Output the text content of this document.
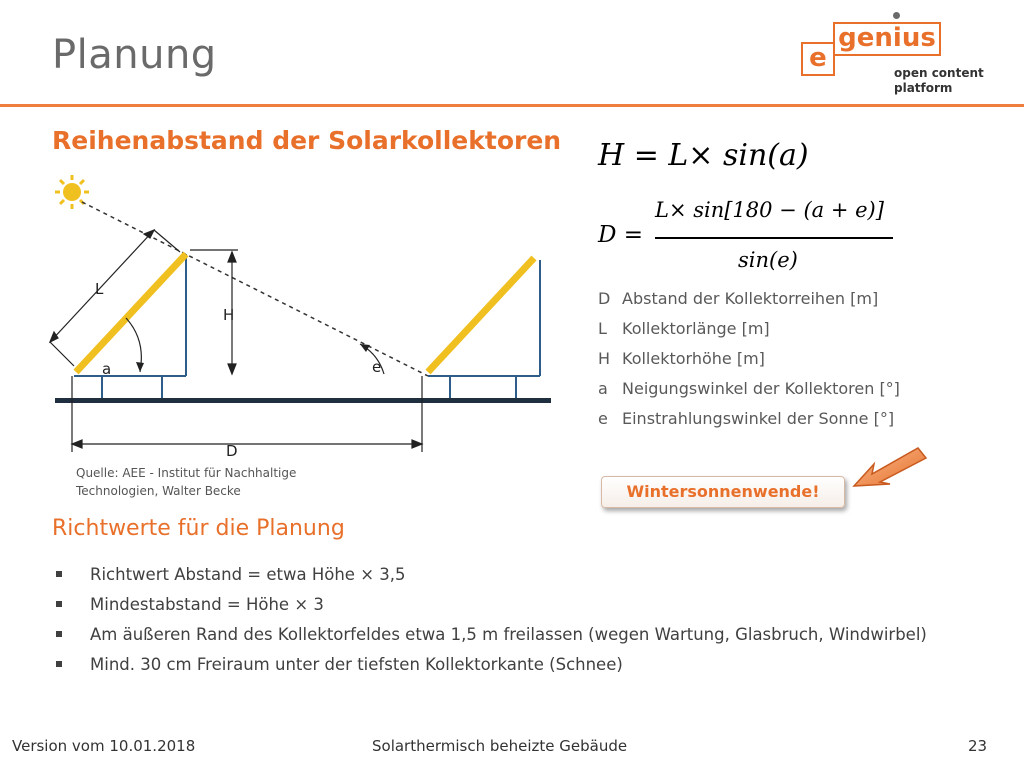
Planung	genius
e	open content
platform
Reihenabstand der Solarkollektoren H = L× sin(a)
D =
L× sin[180 − (a + e)]
sin(e)
L
H
a	e
D
Quelle: AEE - Institut für Nachhaltige
Technologien, Walter Becke
D Abstand der Kollektorreihen [m]
L Kollektorlänge [m]
H Kollektorhöhe [m]
a Neigungswinkel der Kollektoren [°]
e Einstrahlungswinkel der Sonne [°]
Wintersonnenwende!
Richtwerte für die Planung
Richtwert Abstand = etwa Höhe × 3,5
Mindestabstand = Höhe × 3
Am äußeren Rand des Kollektorfeldes etwa 1,5 m freilassen (wegen Wartung, Glasbruch, Windwirbel)
Mind. 30 cm Freiraum unter der tiefsten Kollektorkante (Schnee)
Version vom 10.01.2018	Solarthermisch beheizte Gebäude	23
